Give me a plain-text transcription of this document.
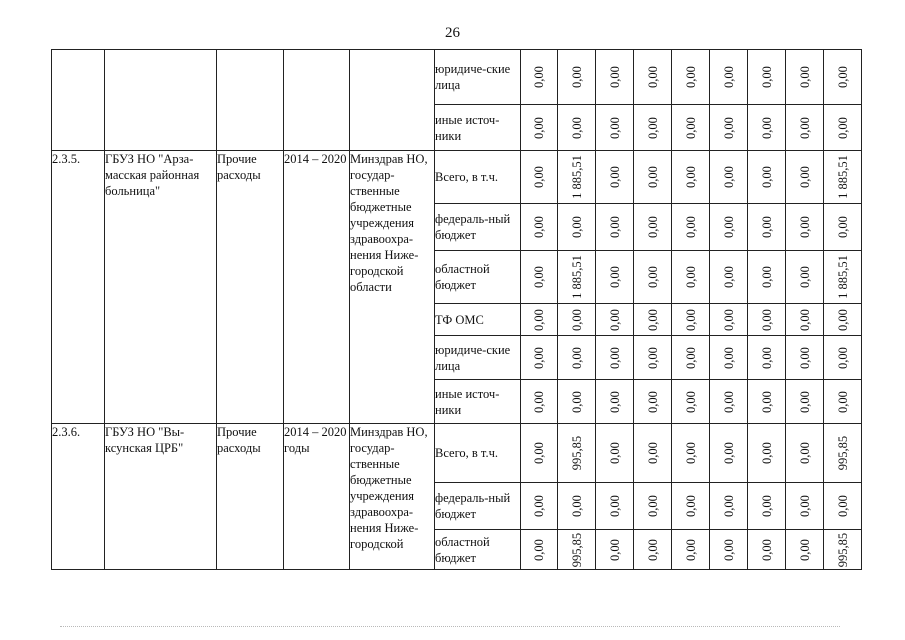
26
					юридиче-ские лица	0,00	0,00	0,00	0,00	0,00	0,00	0,00	0,00	0,00

					иные источ-ники	0,00	0,00	0,00	0,00	0,00	0,00	0,00	0,00	0,00

2.3.5.	ГБУЗ НО "Арза-масская районная больница"	Прочие расходы	2014 – 2020	Минздрав НО, государ-ственные бюджетные учреждения здравоохра-нения Ниже-городской области	Всего, в т.ч.	0,00	1 885,51	0,00	0,00	0,00	0,00	0,00	0,00	1 885,51

					федераль-ный бюджет	0,00	0,00	0,00	0,00	0,00	0,00	0,00	0,00	0,00

					областной бюджет	0,00	1 885,51	0,00	0,00	0,00	0,00	0,00	0,00	1 885,51

					ТФ ОМС	0,00	0,00	0,00	0,00	0,00	0,00	0,00	0,00	0,00

					юридиче-ские лица	0,00	0,00	0,00	0,00	0,00	0,00	0,00	0,00	0,00

					иные источ-ники	0,00	0,00	0,00	0,00	0,00	0,00	0,00	0,00	0,00

2.3.6.	ГБУЗ НО "Вы-ксунская ЦРБ"	Прочие расходы	2014 – 2020 годы	Минздрав НО, государ-ственные бюджетные учреждения здравоохра-нения Ниже-городской	Всего, в т.ч.	0,00	995,85	0,00	0,00	0,00	0,00	0,00	0,00	995,85

					федераль-ный бюджет	0,00	0,00	0,00	0,00	0,00	0,00	0,00	0,00	0,00

					областной бюджет	0,00	995,85	0,00	0,00	0,00	0,00	0,00	0,00	995,85
